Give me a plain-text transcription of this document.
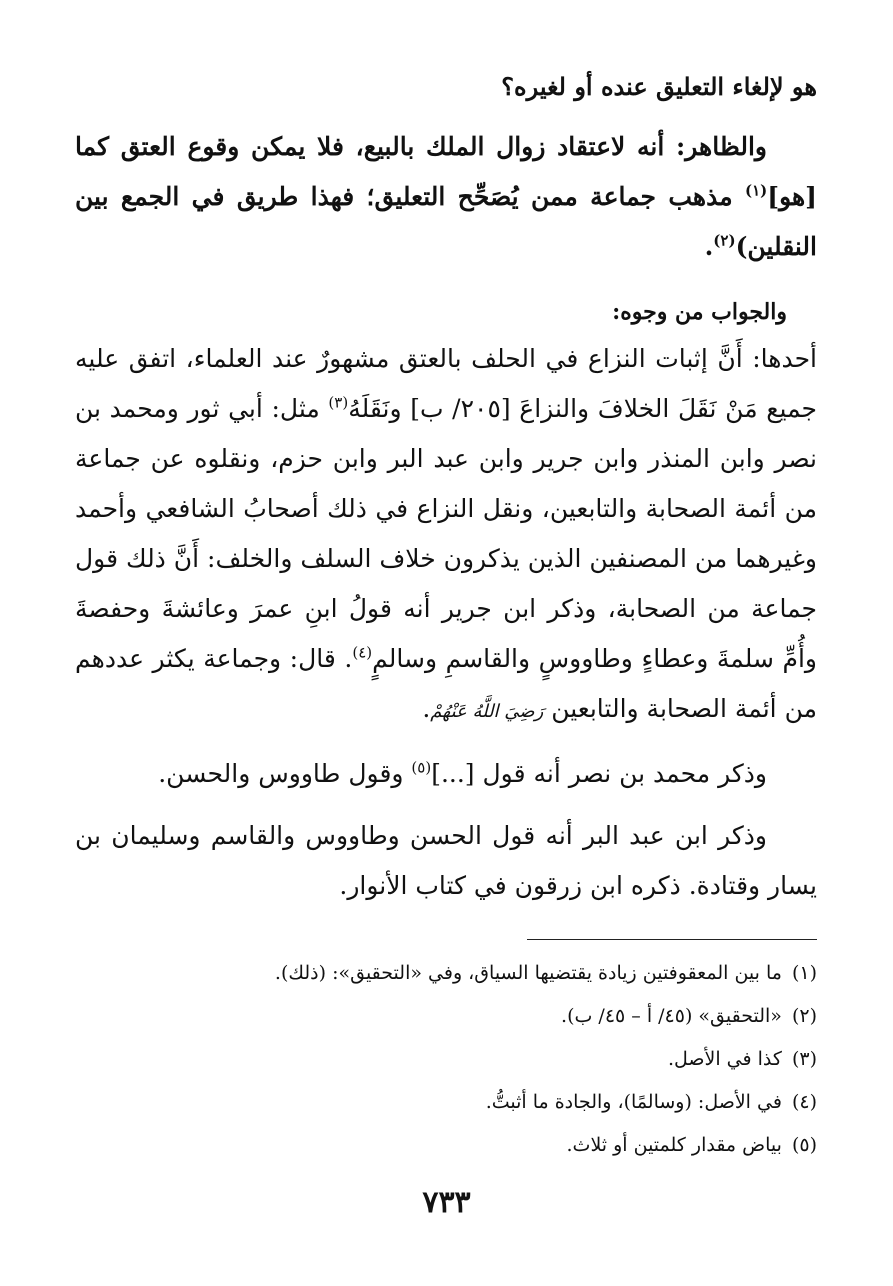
هو لإلغاء التعليق عنده أو لغيره؟

والظاهر: أنه لاعتقاد زوال الملك بالبيع، فلا يمكن وقوع العتق كما [هو]$^{(١)}$ مذهب جماعة ممن يُصَحِّح التعليق؛ فهذا طريق في الجمع بين النقلين)$^{(٢)}$.

والجواب من وجوه:

أحدها: أَنَّ إثبات النزاع في الحلف بالعتق مشهورٌ عند العلماء، اتفق عليه جميع مَنْ نَقَلَ الخلافَ والنزاعَ [٢٠٥/ ب] ونَقَلَهُ$^{(٣)}$ مثل: أبي ثور ومحمد بن نصر وابن المنذر وابن جرير وابن عبد البر وابن حزم، ونقلوه عن جماعة من أئمة الصحابة والتابعين، ونقل النزاع في ذلك أصحابُ الشافعي وأحمد وغيرهما من المصنفين الذين يذكرون خلاف السلف والخلف: أَنَّ ذلك قول جماعة من الصحابة، وذكر ابن جرير أنه قولُ ابنِ عمرَ وعائشةَ وحفصةَ وأُمِّ سلمةَ وعطاءٍ وطاووسٍ والقاسمِ وسالمٍ$^{(٤)}$. قال: وجماعة يكثر عددهم من أئمة الصحابة والتابعين رَضِيَ اللَّهُ عَنْهُمْ.

وذكر محمد بن نصر أنه قول [...]$^{(٥)}$ وقول طاووس والحسن.

وذكر ابن عبد البر أنه قول الحسن وطاووس والقاسم وسليمان بن يسار وقتادة. ذكره ابن زرقون في كتاب الأنوار.

(١)
ما بين المعقوفتين زيادة يقتضيها السياق، وفي «التحقيق»: (ذلك).
(٢)
«التحقيق» (٤٥/ أ – ٤٥/ ب).
(٣)
كذا في الأصل.
(٤)
في الأصل: (وسالمًا)، والجادة ما أثبتُّ.
(٥)
بياض مقدار كلمتين أو ثلاث.
٧٣٣
